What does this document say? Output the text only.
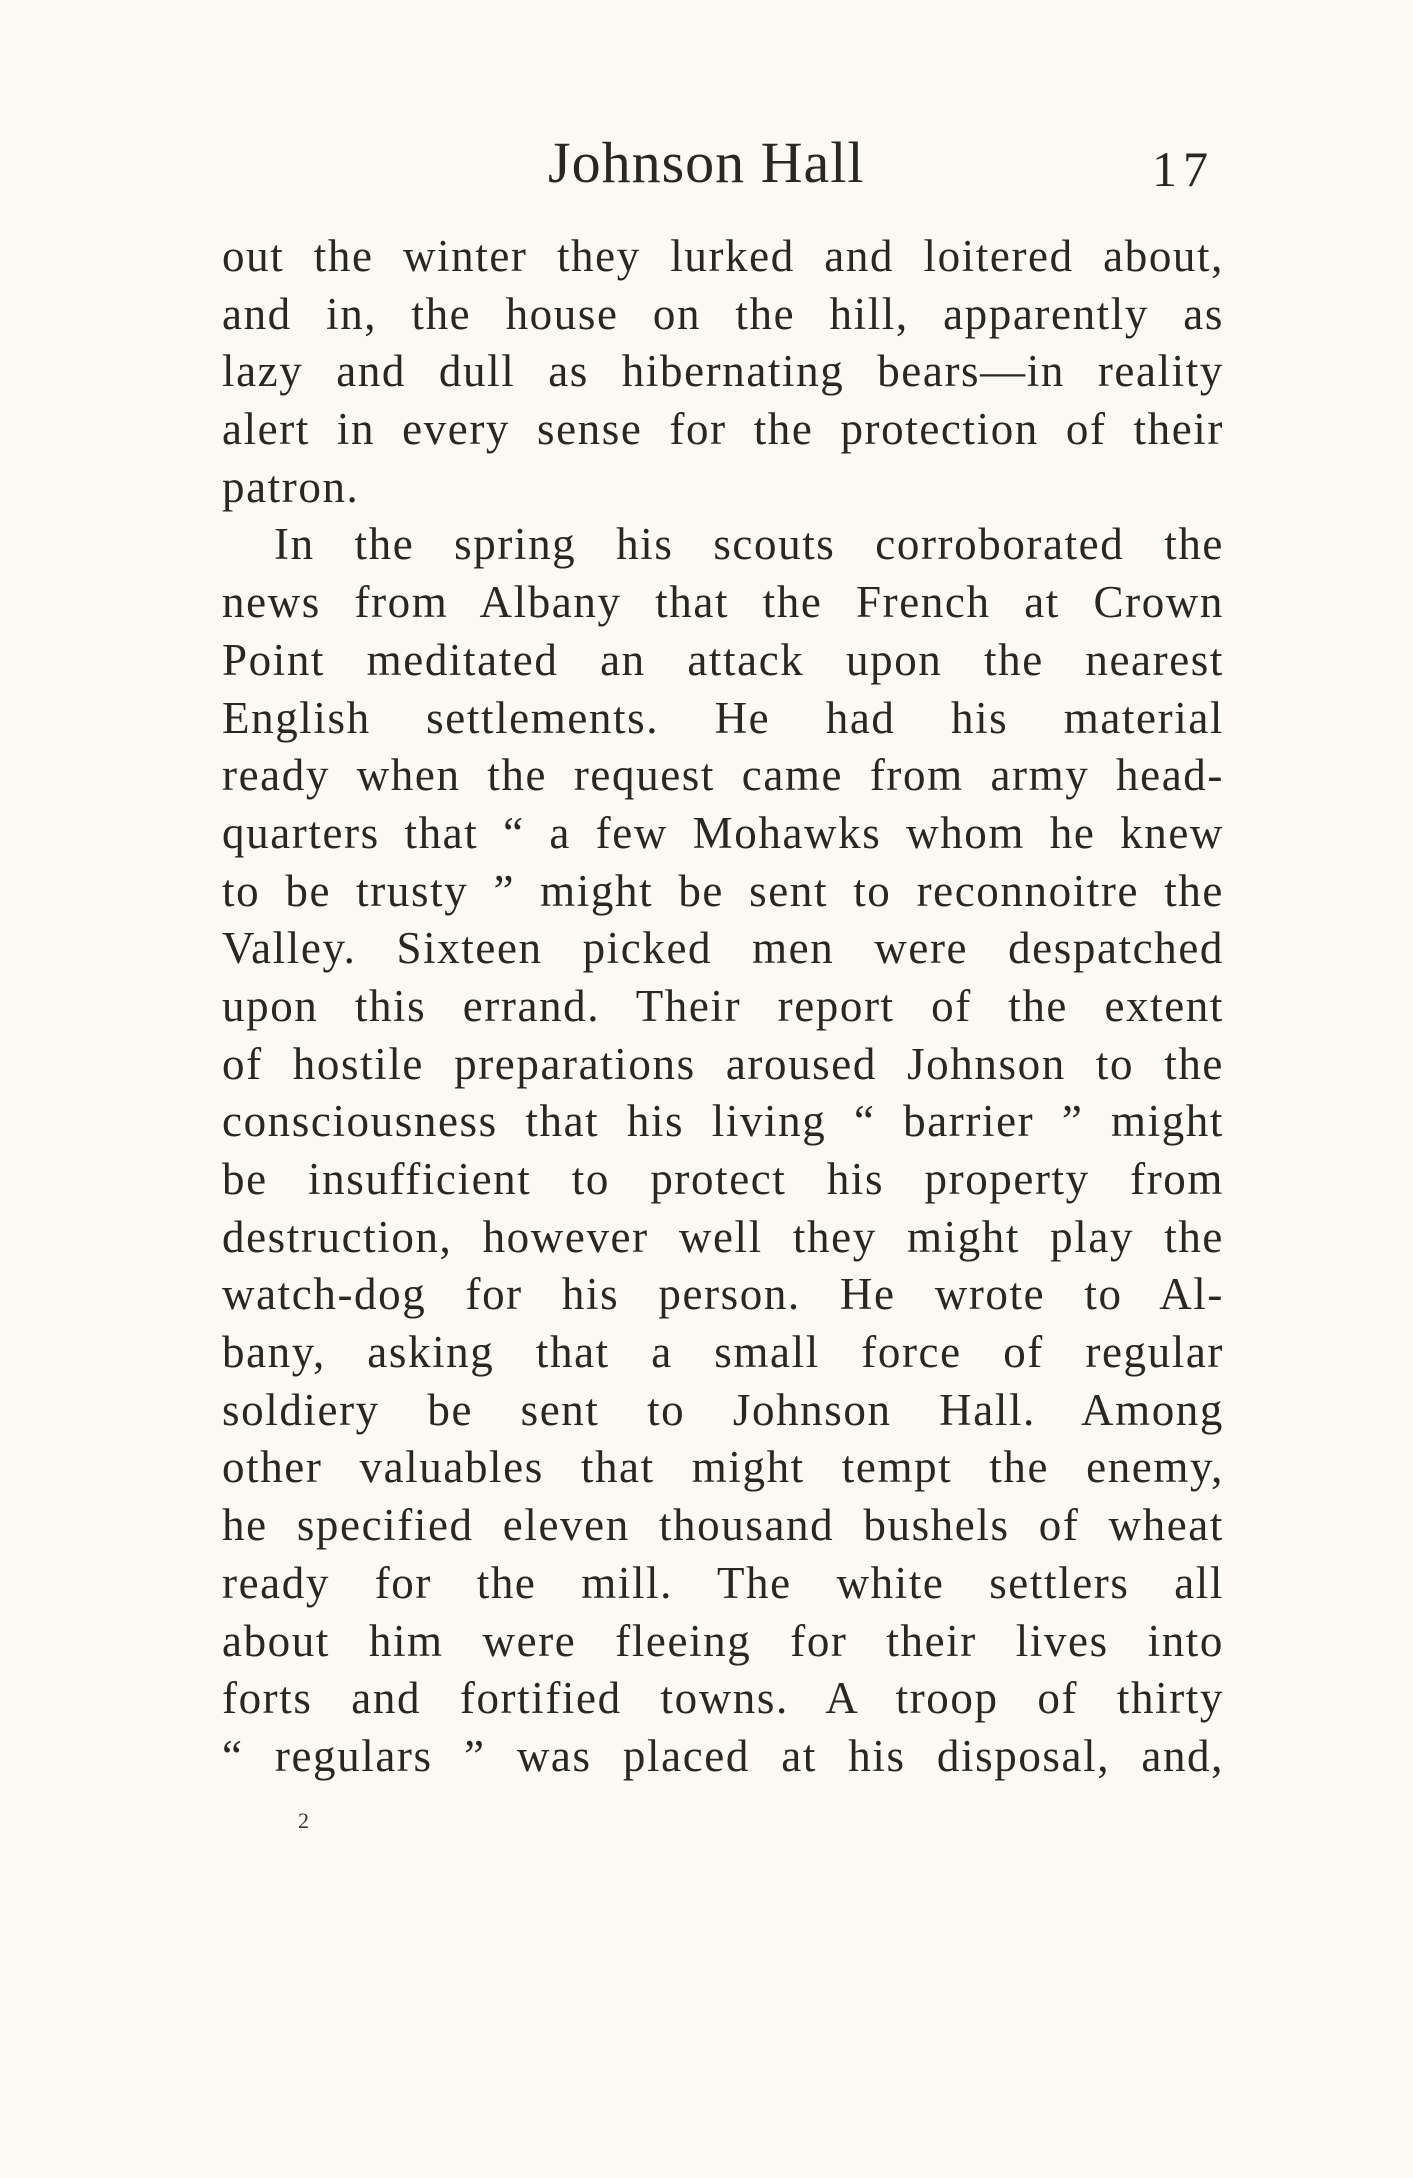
Johnson Hall	17
out the winter they lurked and loitered about,
and in, the house on the hill, apparently as
lazy and dull as hibernating bears—in reality
alert in every sense for the protection of their
patron.
In the spring his scouts corroborated the
news from Albany that the French at Crown
Point meditated an attack upon the nearest
English settlements. He had his material
ready when the request came from army head-
quarters that “ a few Mohawks whom he knew
to be trusty ” might be sent to reconnoitre the
Valley. Sixteen picked men were despatched
upon this errand. Their report of the extent
of hostile preparations aroused Johnson to the
consciousness that his living “ barrier ” might
be insufficient to protect his property from
destruction, however well they might play the
watch-dog for his person. He wrote to Al-
bany, asking that a small force of regular
soldiery be sent to Johnson Hall. Among
other valuables that might tempt the enemy,
he specified eleven thousand bushels of wheat
ready for the mill. The white settlers all
about him were fleeing for their lives into
forts and fortified towns. A troop of thirty
“ regulars ” was placed at his disposal, and,
2
